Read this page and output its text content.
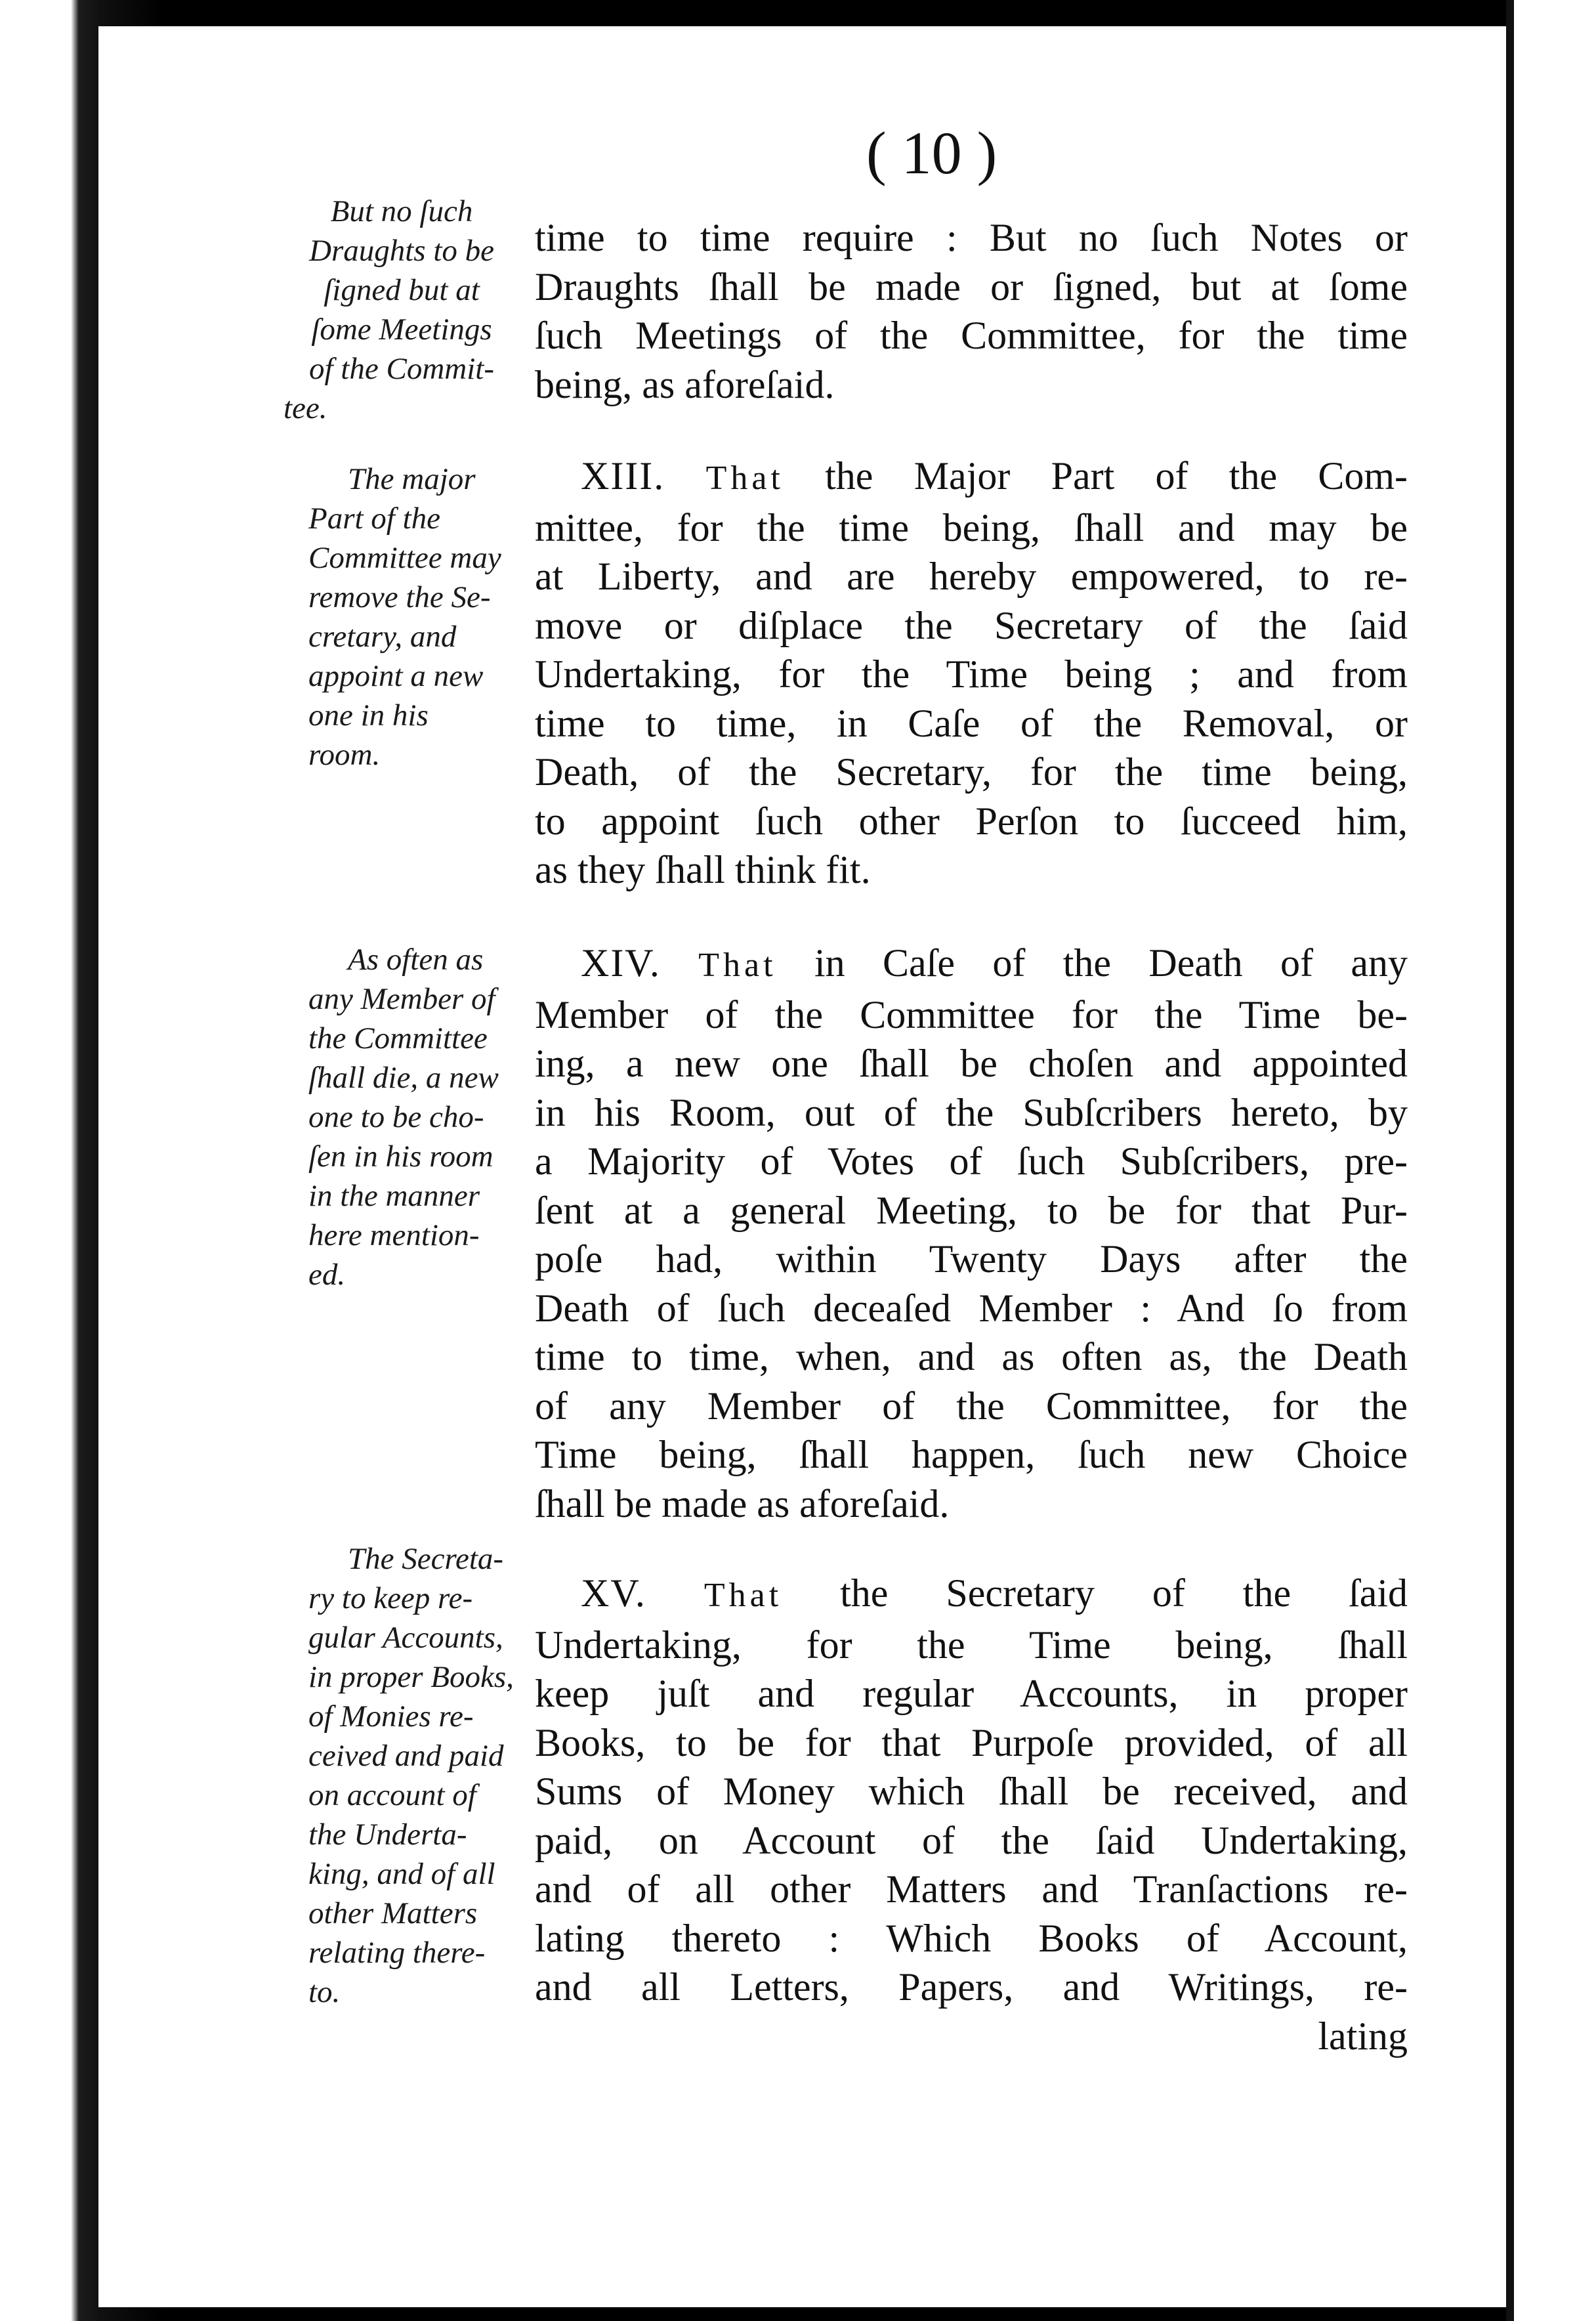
( 10 )
But no ſuch
Draughts to be
ſigned but at
ſome Meetings
of the Commit-
tee.
The major
Part of the
Committee may
remove the Se-
cretary, and
appoint a new
one in his
room.
As often as
any Member of
the Committee
ſhall die, a new
one to be cho-
ſen in his room
in the manner
here mention-
ed.
The Secreta-
ry to keep re-
gular Accounts,
in proper Books,
of Monies re-
ceived and paid
on account of
the Underta-
king, and of all
other Matters
relating there-
to.
time to time require : But no ſuch Notes or
Draughts ſhall be made or ſigned, but at ſome
ſuch Meetings of the Committee, for the time
being, as aforeſaid.
XIII. That the Major Part of the Com-
mittee, for the time being, ſhall and may be
at Liberty, and are hereby empowered, to re-
move or diſplace the Secretary of the ſaid
Undertaking, for the Time being ; and from
time to time, in Caſe of the Removal, or
Death, of the Secretary, for the time being,
to appoint ſuch other Perſon to ſucceed him,
as they ſhall think fit.
XIV. That in Caſe of the Death of any
Member of the Committee for the Time be-
ing, a new one ſhall be choſen and appointed
in his Room, out of the Subſcribers hereto, by
a Majority of Votes of ſuch Subſcribers, pre-
ſent at a general Meeting, to be for that Pur-
poſe had, within Twenty Days after the
Death of ſuch deceaſed Member : And ſo from
time to time, when, and as often as, the Death
of any Member of the Committee, for the
Time being, ſhall happen, ſuch new Choice
ſhall be made as aforeſaid.
XV. That the Secretary of the ſaid
Undertaking, for the Time being, ſhall
keep juſt and regular Accounts, in proper
Books, to be for that Purpoſe provided, of all
Sums of Money which ſhall be received, and
paid, on Account of the ſaid Undertaking,
and of all other Matters and Tranſactions re-
lating thereto : Which Books of Account,
and all Letters, Papers, and Writings, re-
lating
